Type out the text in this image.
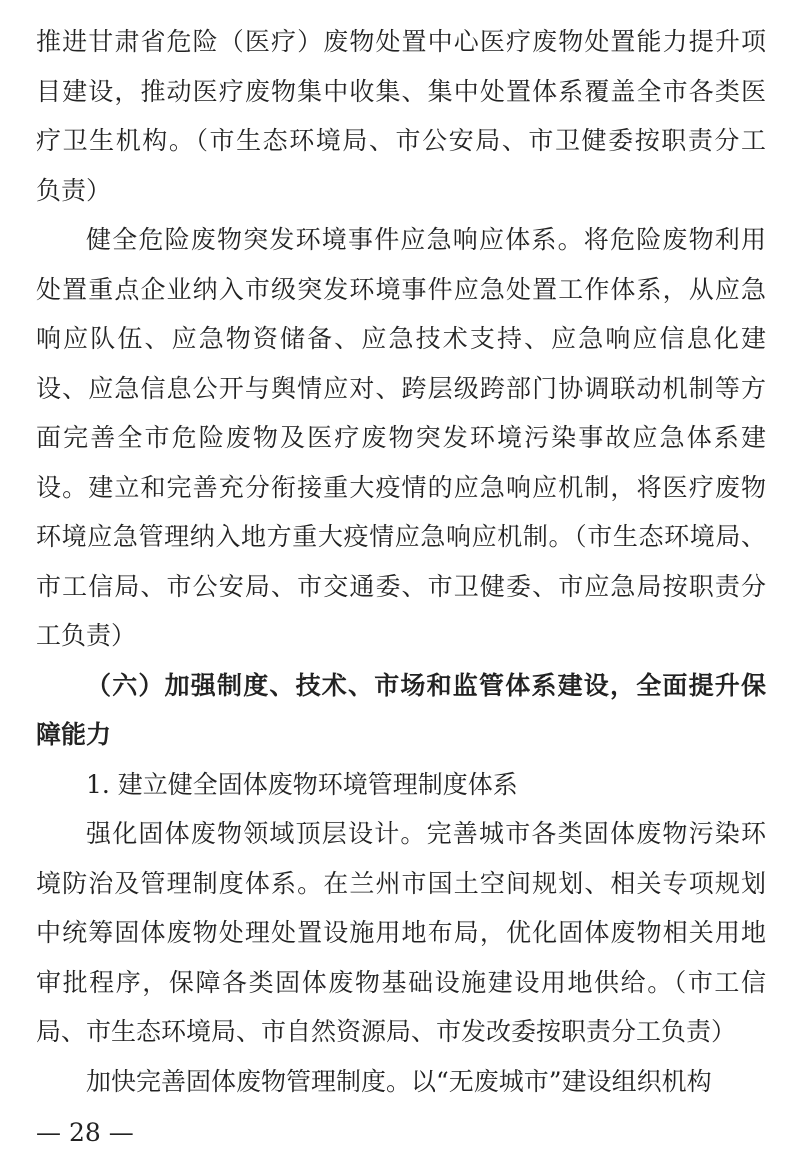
推进甘肃省危险（医疗）废物处置中心医疗废物处置能力提升项
目建设，推动医疗废物集中收集、集中处置体系覆盖全市各类医
疗卫生机构。（市生态环境局、市公安局、市卫健委按职责分工
负责）
健全危险废物突发环境事件应急响应体系。将危险废物利用
处置重点企业纳入市级突发环境事件应急处置工作体系，从应急
响应队伍、应急物资储备、应急技术支持、应急响应信息化建
设、应急信息公开与舆情应对、跨层级跨部门协调联动机制等方
面完善全市危险废物及医疗废物突发环境污染事故应急体系建
设。建立和完善充分衔接重大疫情的应急响应机制，将医疗废物
环境应急管理纳入地方重大疫情应急响应机制。（市生态环境局、
市工信局、市公安局、市交通委、市卫健委、市应急局按职责分
工负责）
（六）加强制度、技术、市场和监管体系建设，全面提升保
障能力
1. 建立健全固体废物环境管理制度体系
强化固体废物领域顶层设计。完善城市各类固体废物污染环
境防治及管理制度体系。在兰州市国土空间规划、相关专项规划
中统筹固体废物处理处置设施用地布局，优化固体废物相关用地
审批程序，保障各类固体废物基础设施建设用地供给。（市工信
局、市生态环境局、市自然资源局、市发改委按职责分工负责）
加快完善固体废物管理制度。以“无废城市”建设组织机构
— 28 —
